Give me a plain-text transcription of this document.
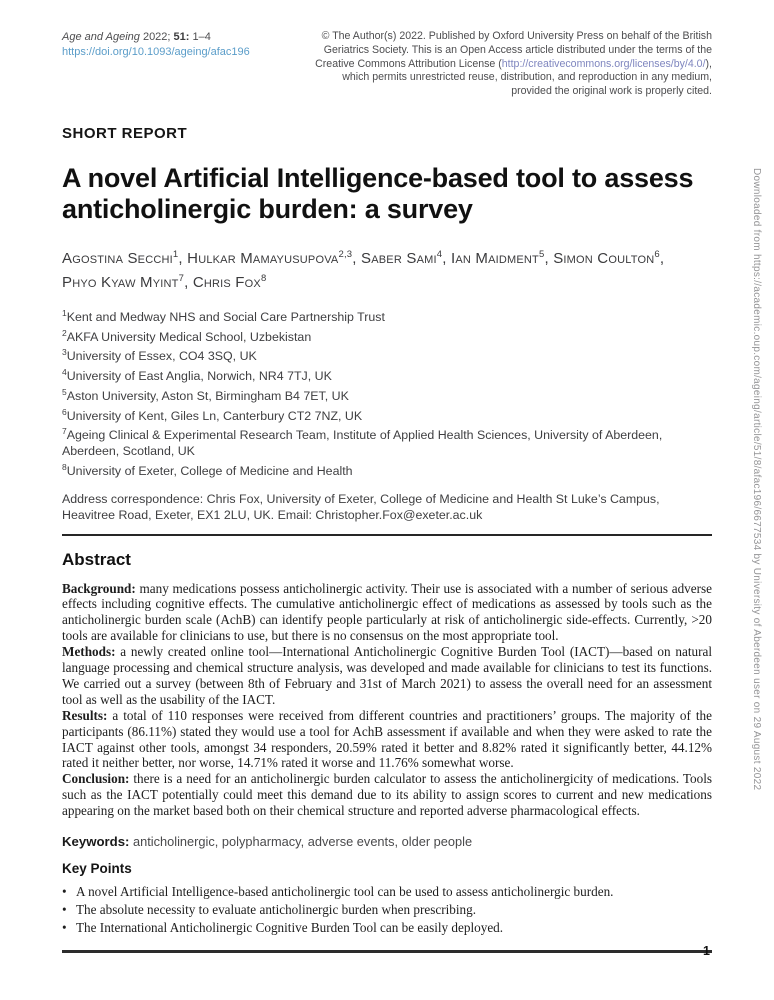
Age and Ageing 2022; 51: 1–4
https://doi.org/10.1093/ageing/afac196
© The Author(s) 2022. Published by Oxford University Press on behalf of the British Geriatrics Society. This is an Open Access article distributed under the terms of the Creative Commons Attribution License (http://creativecommons.org/licenses/by/4.0/), which permits unrestricted reuse, distribution, and reproduction in any medium, provided the original work is properly cited.
SHORT REPORT
A novel Artificial Intelligence-based tool to assess anticholinergic burden: a survey
Agostina Secchi$^1$, Hulkar Mamayusupova$^{2,3}$, Saber Sami$^4$, Ian Maidment$^5$, Simon Coulton$^6$,
Phyo Kyaw Myint$^7$, Chris Fox$^8$
$^1$Kent and Medway NHS and Social Care Partnership Trust
$^2$AKFA University Medical School, Uzbekistan
$^3$University of Essex, CO4 3SQ, UK
$^4$University of East Anglia, Norwich, NR4 7TJ, UK
$^5$Aston University, Aston St, Birmingham B4 7ET, UK
$^6$University of Kent, Giles Ln, Canterbury CT2 7NZ, UK
$^7$Ageing Clinical & Experimental Research Team, Institute of Applied Health Sciences, University of Aberdeen, Aberdeen, Scotland, UK
$^8$University of Exeter, College of Medicine and Health
Address correspondence: Chris Fox, University of Exeter, College of Medicine and Health St Luke’s Campus, Heavitree Road, Exeter, EX1 2LU, UK. Email: Christopher.Fox@exeter.ac.uk
Abstract

Background: many medications possess anticholinergic activity. Their use is associated with a number of serious adverse effects including cognitive effects. The cumulative anticholinergic effect of medications as assessed by tools such as the anticholinergic burden scale (AchB) can identify people particularly at risk of anticholinergic side-effects. Currently, >20 tools are available for clinicians to use, but there is no consensus on the most appropriate tool.

Methods: a newly created online tool—International Anticholinergic Cognitive Burden Tool (IACT)—based on natural language processing and chemical structure analysis, was developed and made available for clinicians to test its functions. We carried out a survey (between 8th of February and 31st of March 2021) to assess the overall need for an assessment tool as well as the usability of the IACT.

Results: a total of 110 responses were received from different countries and practitioners’ groups. The majority of the participants (86.11%) stated they would use a tool for AchB assessment if available and when they were asked to rate the IACT against other tools, amongst 34 responders, 20.59% rated it better and 8.82% rated it significantly better, 44.12% rated it neither better, nor worse, 14.71% rated it worse and 11.76% somewhat worse.

Conclusion: there is a need for an anticholinergic burden calculator to assess the anticholinergicity of medications. Tools such as the IACT potentially could meet this demand due to its ability to assign scores to current and new medications appearing on the market based both on their chemical structure and reported adverse pharmacological effects.

Keywords: anticholinergic, polypharmacy, adverse events, older people
Key Points
• A novel Artificial Intelligence-based anticholinergic tool can be used to assess anticholinergic burden.
• The absolute necessity to evaluate anticholinergic burden when prescribing.
• The International Anticholinergic Cognitive Burden Tool can be easily deployed.
Downloaded from https://academic.oup.com/ageing/article/51/8/afac196/6677534 by University of Aberdeen user on 29 August 2022
1
